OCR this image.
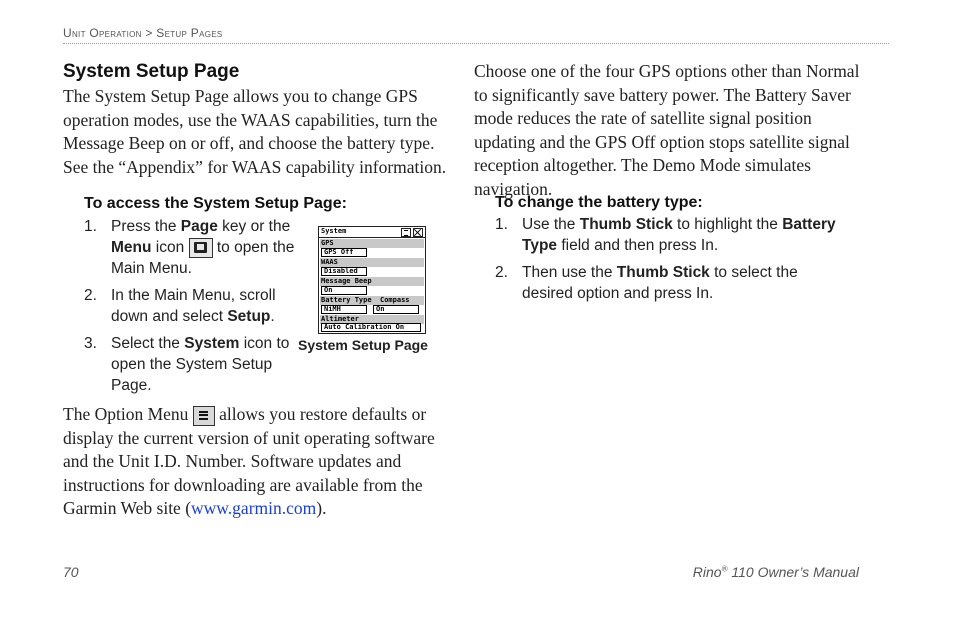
Unit Operation > Setup Pages
System Setup Page
The System Setup Page allows you to change GPS operation modes, use the WAAS capabilities, turn the Message Beep on or off, and choose the battery type. See the “Appendix” for WAAS capability information.
To access the System Setup Page:
1. Press the Page key or the Menu icon
to open the Main Menu.
2. In the Main Menu, scroll down and select Setup.
3. Select the System icon to open the System Setup Page.
System
GPS
GPS Off
WAAS
Disabled
Message Beep
On
Battery Type  Compass
NiMH	On
Altimeter
Auto Calibration On
System Setup Page
The Option Menu
allows you restore defaults or display the current version of unit operating software and the Unit I.D. Number. Software updates and instructions for downloading are available from the Garmin Web site (www.garmin.com).
Choose one of the four GPS options other than Normal to significantly save battery power. The Battery Saver mode reduces the rate of satellite signal position updating and the GPS Off option stops satellite signal reception altogether. The Demo Mode simulates navigation.
To change the battery type:
1. Use the Thumb Stick to highlight the Battery Type field and then press In.
2. Then use the Thumb Stick to select the desired option and press In.
70	Rino® 110 Owner’s Manual
